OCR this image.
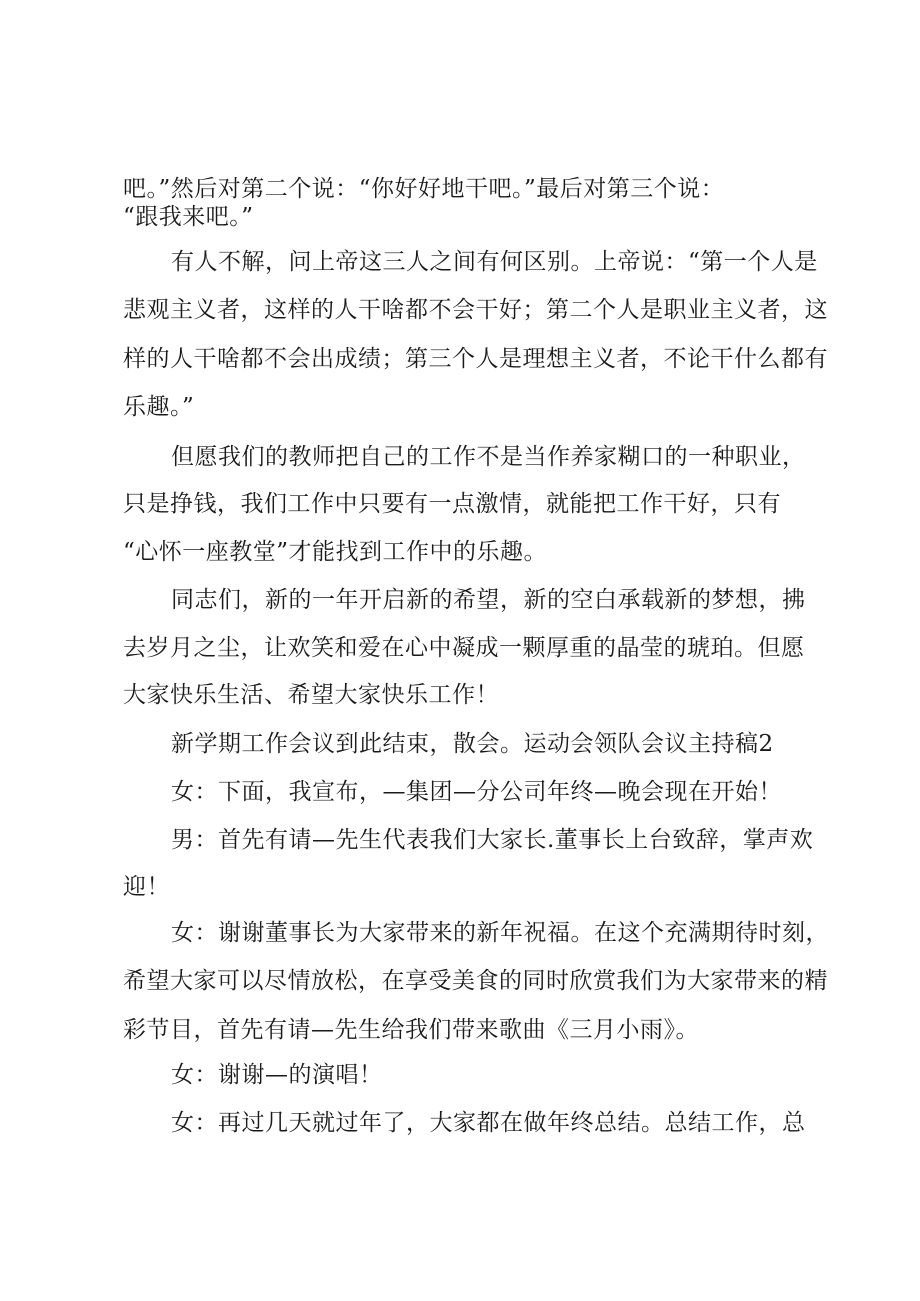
吧。”然后对第二个说：“你好好地干吧。”最后对第三个说：
“跟我来吧。”
有人不解，问上帝这三人之间有何区别。上帝说：“第一个人是
悲观主义者，这样的人干啥都不会干好；第二个人是职业主义者，这
样的人干啥都不会出成绩；第三个人是理想主义者，不论干什么都有
乐趣。”
但愿我们的教师把自己的工作不是当作养家糊口的一种职业，
只是挣钱，我们工作中只要有一点激情，就能把工作干好，只有
“心怀一座教堂”才能找到工作中的乐趣。
同志们，新的一年开启新的希望，新的空白承载新的梦想，拂
去岁月之尘，让欢笑和爱在心中凝成一颗厚重的晶莹的琥珀。但愿
大家快乐生活、希望大家快乐工作！
新学期工作会议到此结束，散会。运动会领队会议主持稿2
女：下面，我宣布，—集团—分公司年终—晚会现在开始！
男：首先有请—先生代表我们大家长.董事长上台致辞，掌声欢
迎！
女：谢谢董事长为大家带来的新年祝福。在这个充满期待时刻，
希望大家可以尽情放松，在享受美食的同时欣赏我们为大家带来的精
彩节目，首先有请—先生给我们带来歌曲《三月小雨》。
女：谢谢—的演唱！
女：再过几天就过年了，大家都在做年终总结。总结工作，总
